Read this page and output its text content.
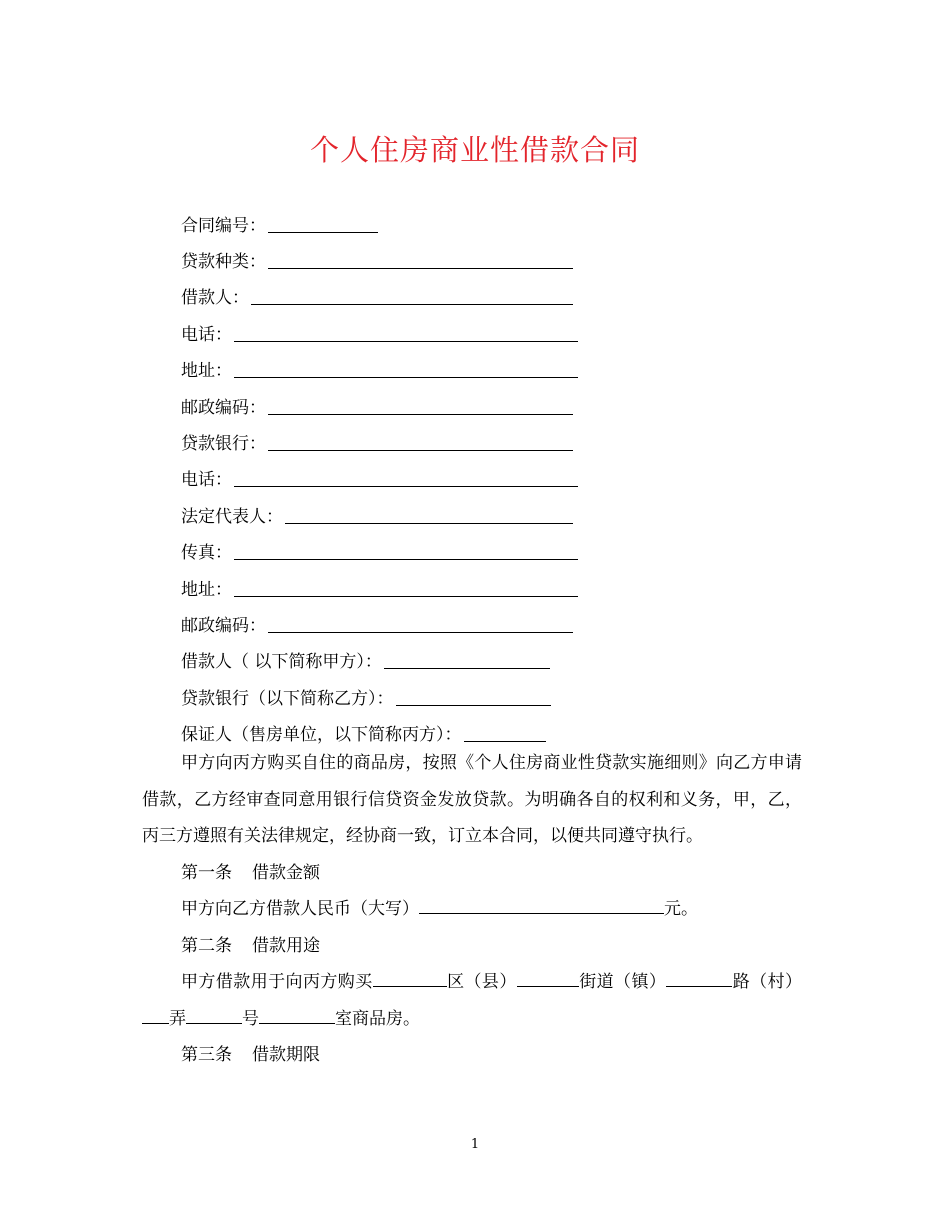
个人住房商业性借款合同
合同编号：
贷款种类：
借款人：
电话：
地址：
邮政编码：
贷款银行：
电话：
法定代表人：
传真：
地址：
邮政编码：
借款人（ 以下简称甲方）：
贷款银行（以下简称乙方）：
保证人（售房单位，以下简称丙方）：

甲方向丙方购买自住的商品房，按照《个人住房商业性贷款实施细则》向乙方申请借款，乙方经审查同意用银行信贷资金发放贷款。为明确各自的权利和义务，甲，乙，丙三方遵照有关法律规定，经协商一致，订立本合同，以便共同遵守执行。

第一条 借款金额

甲方向乙方借款人民币（大写）	元。

第二条 借款用途

甲方借款用于向丙方购买	区（县）	街道（镇）	路（村）弄	号	室商品房。

第三条 借款期限

1
